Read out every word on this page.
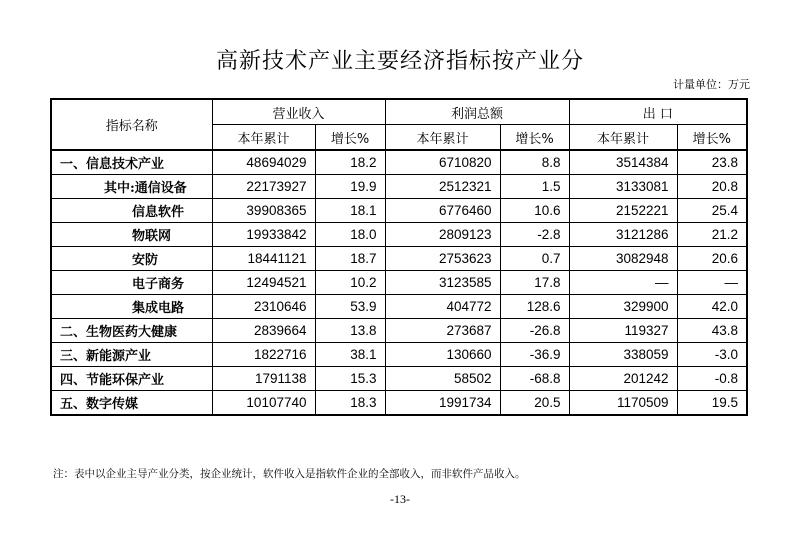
高新技术产业主要经济指标按产业分
计量单位：万元
指标名称	营业收入		利润总额		出 口	
	本年累计	增长%	本年累计	增长%	本年累计	增长%
一、信息技术产业	48694029	18.2	6710820	8.8	3514384	23.8
其中:通信设备	22173927	19.9	2512321	1.5	3133081	20.8
信息软件	39908365	18.1	6776460	10.6	2152221	25.4
物联网	19933842	18.0	2809123	-2.8	3121286	21.2
安防	18441121	18.7	2753623	0.7	3082948	20.6
电子商务	12494521	10.2	3123585	17.8	—	—
集成电路	2310646	53.9	404772	128.6	329900	42.0
二、生物医药大健康	2839664	13.8	273687	-26.8	119327	43.8
三、新能源产业	1822716	38.1	130660	-36.9	338059	-3.0
四、节能环保产业	1791138	15.3	58502	-68.8	201242	-0.8
五、数字传媒	10107740	18.3	1991734	20.5	1170509	19.5
注：表中以企业主导产业分类，按企业统计，软件收入是指软件企业的全部收入，而非软件产品收入。
-13-
